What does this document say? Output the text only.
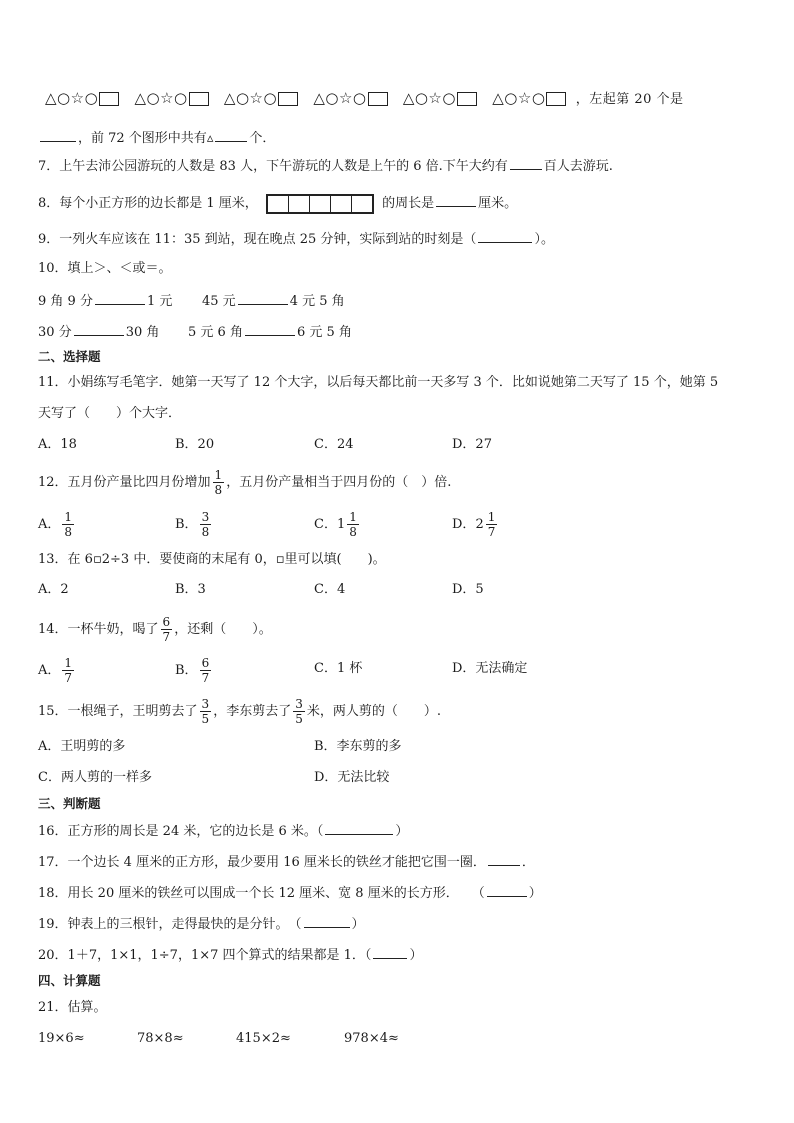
△○☆○ △○☆○ △○☆○ △○☆○ △○☆○ △○☆○ ，左起第 20 个是
，前 72 个图形中共有▵	个．
7．上午去沛公园游玩的人数是 83 人，下午游玩的人数是上午的 6 倍.下午大约有	百人去游玩.
8．每个小正方形的边长都是 1 厘米，	的周长是	厘米。
9．一列火车应该在 11：35 到站，现在晚点 25 分钟，实际到站的时刻是（	）。
10．填上＞、＜或＝。
9 角 9 分	1 元 45 元	4 元 5 角
30 分	30 角 5 元 6 角	6 元 5 角
二、选择题
11．小娟练写毛笔字．她第一天写了 12 个大字，以后每天都比前一天多写 3 个．比如说她第二天写了 15 个，她第 5
天写了（　　）个大字．
A．18	B．20	C．24	D．27
12．五月份产量比四月份增加 $\frac{1}{8}$ ，五月份产量相当于四月份的（　）倍.
A． $\frac{1}{8}$	B． $\frac{3}{8}$	C．$1 \frac{1}{8}$	D．$2 \frac{1}{7}$
13．在 6▫2÷3 中．要使商的末尾有 0，▫里可以填(　　)。
A．2	B．3	C．4	D．5
14．一杯牛奶，喝了 $\frac{6}{7}$ ，还剩（　　）。
A． $\frac{1}{7}$	B． $\frac{6}{7}$	C．1 杯	D．无法确定
15．一根绳子，王明剪去了 $\frac{3}{5}$ ，李东剪去了 $\frac{3}{5}$ 米，两人剪的（　　）.
A．王明剪的多	B．李东剪的多
C．两人剪的一样多	D．无法比较
三、判断题
16．正方形的周长是 24 米，它的边长是 6 米。（	）
17．一个边长 4 厘米的正方形，最少要用 16 厘米长的铁丝才能把它围一圈．	．
18．用长 20 厘米的铁丝可以围成一个长 12 厘米、宽 8 厘米的长方形．　　（	）
19．钟表上的三根针，走得最快的是分针。　（	）
20．1＋7，1×1，1÷7，1×7 四个算式的结果都是 1．（	）
四、计算题
21．估算。
19×6≈	78×8≈	415×2≈	978×4≈
